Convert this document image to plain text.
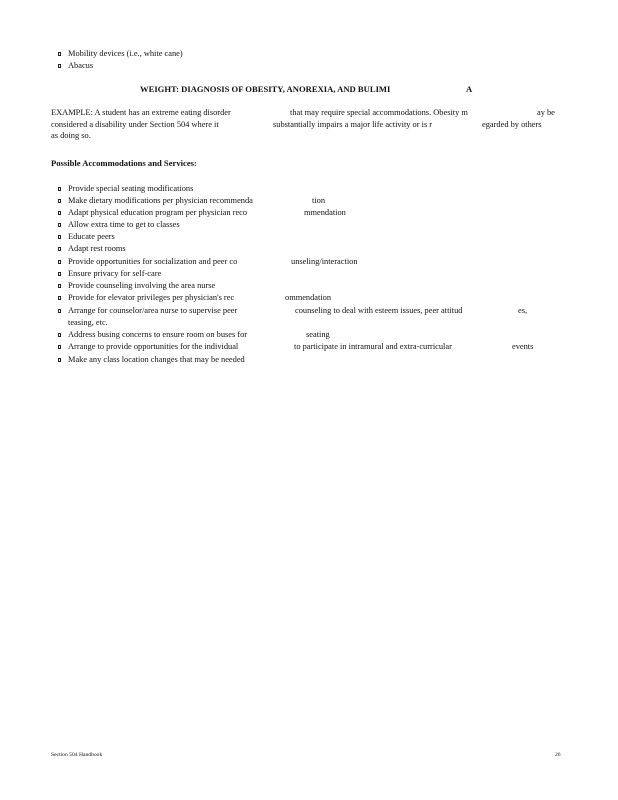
Mobility devices (i.e., white cane)
Abacus
WEIGHT: DIAGNOSIS OF OBESITY, ANOREXIA, AND BULIMI	A
EXAMPLE: A student has an extreme eating disorder	that may require special accommodations. Obesity m	ay be
considered a disability under Section 504 where it	substantially impairs a major life activity or is r	egarded by others
as doing so.
Possible Accommodations and Services:
Provide special seating modifications
Make dietary modifications per physician recommenda	tion
Adapt physical education program per physician reco	mmendation
Allow extra time to get to classes
Educate peers
Adapt rest rooms
Provide opportunities for socialization and peer co	unseling/interaction
Ensure privacy for self-care
Provide counseling involving the area nurse
Provide for elevator privileges per physician's rec	ommendation
Arrange for counselor/area nurse to supervise peer	counseling to deal with esteem issues, peer attitud	es,
teasing, etc.
Address busing concerns to ensure room on buses for	seating
Arrange to provide opportunities for the individual	to participate in intramural and extra-curricular	events
Make any class location changes that may be needed
Section 504 Handbook	26
